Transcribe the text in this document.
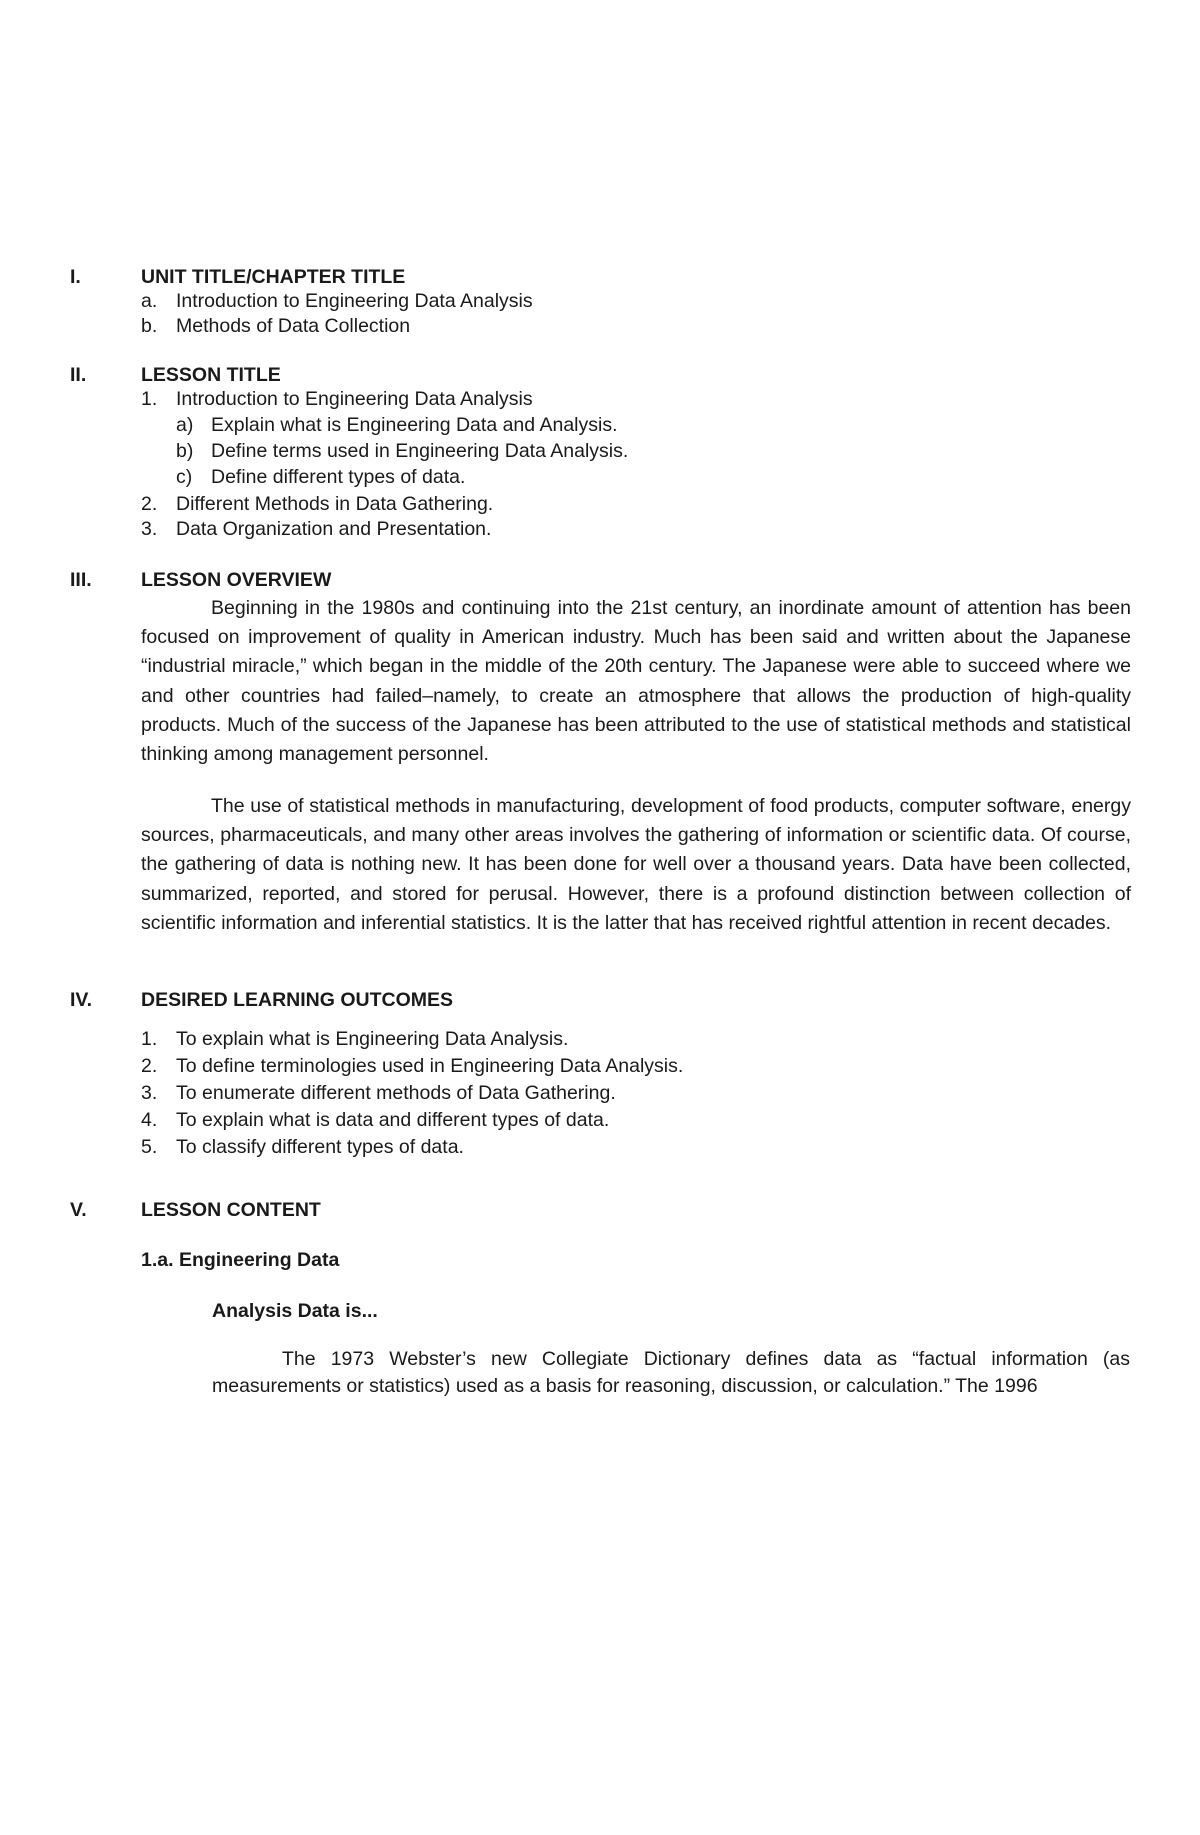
I.	UNIT TITLE/CHAPTER TITLE
a. Introduction to Engineering Data Analysis
b. Methods of Data Collection
II.	LESSON TITLE
1. Introduction to Engineering Data Analysis
a) Explain what is Engineering Data and Analysis.
b) Define terms used in Engineering Data Analysis.
c) Define different types of data.
2. Different Methods in Data Gathering.
3. Data Organization and Presentation.
III.	LESSON OVERVIEW

Beginning in the 1980s and continuing into the 21st century, an inordinate amount of attention has been focused on improvement of quality in American industry. Much has been said and written about the Japanese “industrial miracle,” which began in the middle of the 20th century. The Japanese were able to succeed where we and other countries had failed–namely, to create an atmosphere that allows the production of high-quality products. Much of the success of the Japanese has been attributed to the use of statistical methods and statistical thinking among management personnel.

The use of statistical methods in manufacturing, development of food products, computer software, energy sources, pharmaceuticals, and many other areas involves the gathering of information or scientific data. Of course, the gathering of data is nothing new. It has been done for well over a thousand years. Data have been collected, summarized, reported, and stored for perusal. However, there is a profound distinction between collection of scientific information and inferential statistics. It is the latter that has received rightful attention in recent decades.

IV.	DESIRED LEARNING OUTCOMES
1. To explain what is Engineering Data Analysis.
2. To define terminologies used in Engineering Data Analysis.
3. To enumerate different methods of Data Gathering.
4. To explain what is data and different types of data.
5. To classify different types of data.
V.	LESSON CONTENT
1.a. Engineering Data
Analysis Data is...

The 1973 Webster’s new Collegiate Dictionary defines data as “factual information (as measurements or statistics) used as a basis for reasoning, discussion, or calculation.” The 1996
